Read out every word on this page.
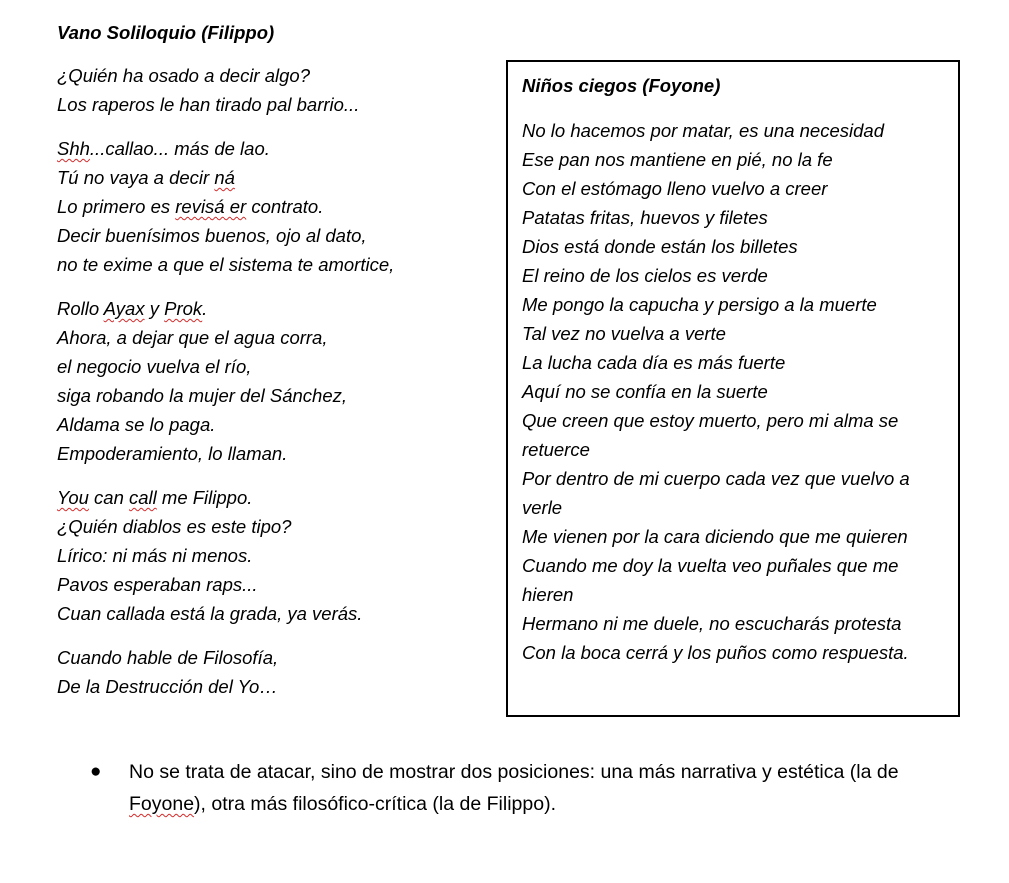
Vano Soliloquio (Filippo)
¿Quién ha osado a decir algo?
Los raperos le han tirado pal barrio...
Shh...callao... más de lao.
Tú no vaya a decir ná
Lo primero es revisá er contrato.
Decir buenísimos buenos, ojo al dato,
no te exime a que el sistema te amortice,
Rollo Ayax y Prok.
Ahora, a dejar que el agua corra,
el negocio vuelva el río,
siga robando la mujer del Sánchez,
Aldama se lo paga.
Empoderamiento, lo llaman.
You can call me Filippo.
¿Quién diablos es este tipo?
Lírico: ni más ni menos.
Pavos esperaban raps...
Cuan callada está la grada, ya verás.
Cuando hable de Filosofía,
De la Destrucción del Yo…
Niños ciegos (Foyone)
No lo hacemos por matar, es una necesidad
Ese pan nos mantiene en pié, no la fe
Con el estómago lleno vuelvo a creer
Patatas fritas, huevos y filetes
Dios está donde están los billetes
El reino de los cielos es verde
Me pongo la capucha y persigo a la muerte
Tal vez no vuelva a verte
La lucha cada día es más fuerte
Aquí no se confía en la suerte
Que creen que estoy muerto, pero mi alma se retuerce
Por dentro de mi cuerpo cada vez que vuelvo a verle
Me vienen por la cara diciendo que me quieren
Cuando me doy la vuelta veo puñales que me hieren
Hermano ni me duele, no escucharás protesta
Con la boca cerrá y los puños como respuesta.
● No se trata de atacar, sino de mostrar dos posiciones: una más narrativa y estética (la de Foyone), otra más filosófico-crítica (la de Filippo).
